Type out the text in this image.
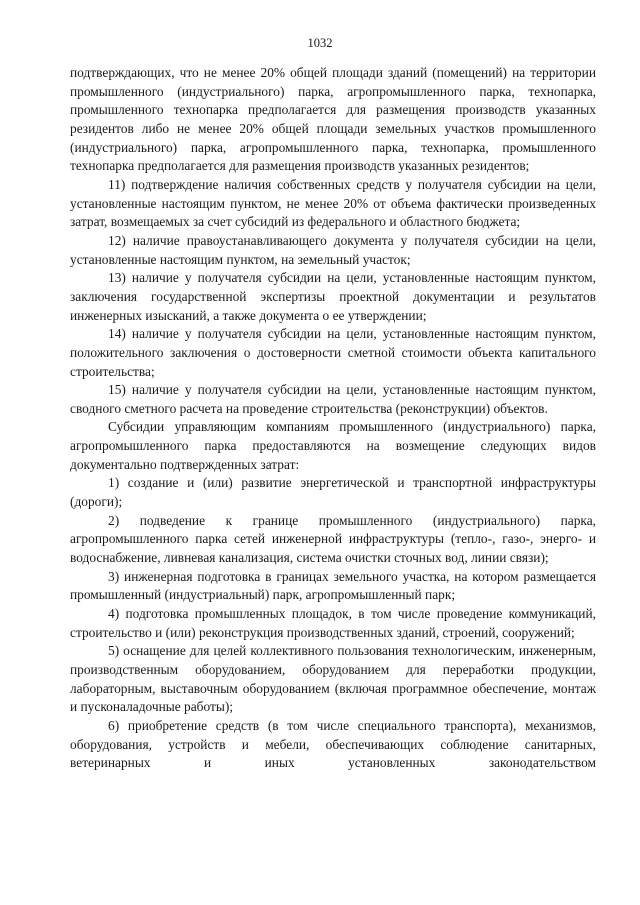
1032

подтверждающих, что не менее 20% общей площади зданий (помещений) на территории промышленного (индустриального) парка, агропромышленного парка, технопарка, промышленного технопарка предполагается для размещения производств указанных резидентов либо не менее 20% общей площади земельных участков промышленного (индустриального) парка, агропромышленного парка, технопарка, промышленного технопарка предполагается для размещения производств указанных резидентов;

11) подтверждение наличия собственных средств у получателя субсидии на цели, установленные настоящим пунктом, не менее 20% от объема фактически произведенных затрат, возмещаемых за счет субсидий из федерального и областного бюджета;

12) наличие правоустанавливающего документа у получателя субсидии на цели, установленные настоящим пунктом, на земельный участок;

13) наличие у получателя субсидии на цели, установленные настоящим пунктом, заключения государственной экспертизы проектной документации и результатов инженерных изысканий, а также документа о ее утверждении;

14) наличие у получателя субсидии на цели, установленные настоящим пунктом, положительного заключения о достоверности сметной стоимости объекта капитального строительства;

15) наличие у получателя субсидии на цели, установленные настоящим пунктом, сводного сметного расчета на проведение строительства (реконструкции) объектов.

Субсидии управляющим компаниям промышленного (индустриального) парка, агропромышленного парка предоставляются на возмещение следующих видов документально подтвержденных затрат:

1) создание и (или) развитие энергетической и транспортной инфраструктуры (дороги);

2) подведение к границе промышленного (индустриального) парка, агропромышленного парка сетей инженерной инфраструктуры (тепло-, газо-, энерго- и водоснабжение, ливневая канализация, система очистки сточных вод, линии связи);

3) инженерная подготовка в границах земельного участка, на котором размещается промышленный (индустриальный) парк, агропромышленный парк;

4) подготовка промышленных площадок, в том числе проведение коммуникаций, строительство и (или) реконструкция производственных зданий, строений, сооружений;

5) оснащение для целей коллективного пользования технологическим, инженерным, производственным оборудованием, оборудованием для переработки продукции, лабораторным, выставочным оборудованием (включая программное обеспечение, монтаж и пусконаладочные работы);

6) приобретение средств (в том числе специального транспорта), механизмов, оборудования, устройств и мебели, обеспечивающих соблюдение санитарных, ветеринарных и иных установленных законодательством
